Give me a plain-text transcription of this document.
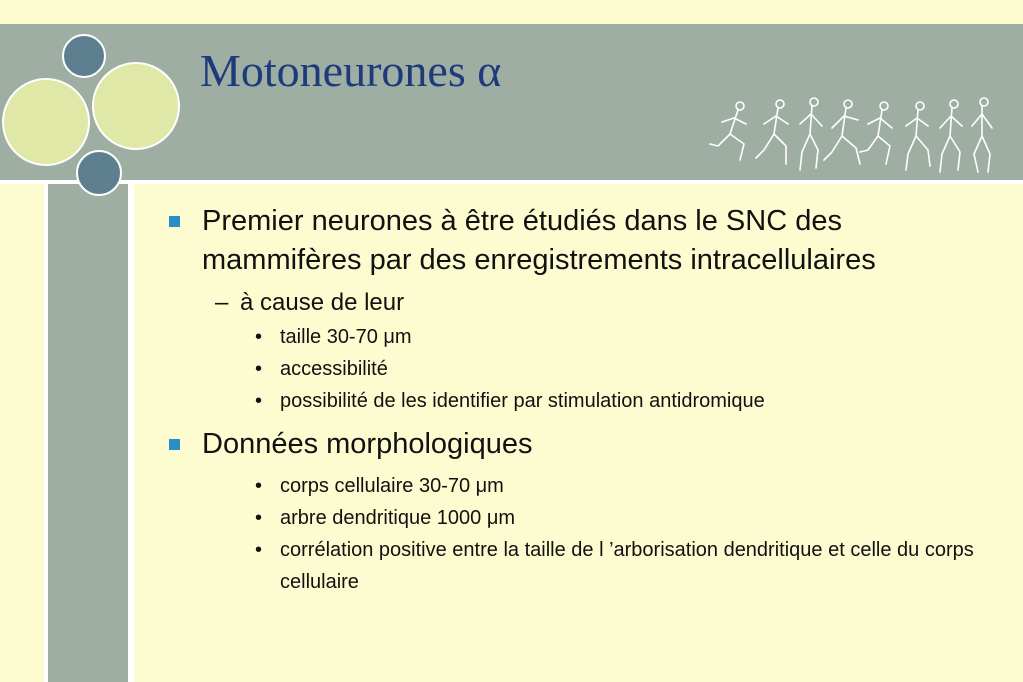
Motoneurones α
Premier neurones à être étudiés dans le SNC des mammifères par des enregistrements intracellulaires
– à cause de leur
• taille 30-70 μm
• accessibilité
• possibilité de les identifier par stimulation antidromique
Données morphologiques
• corps cellulaire 30-70 μm
• arbre dendritique 1000 μm
• corrélation positive entre la taille de l ’arborisation dendritique et celle du corps cellulaire
